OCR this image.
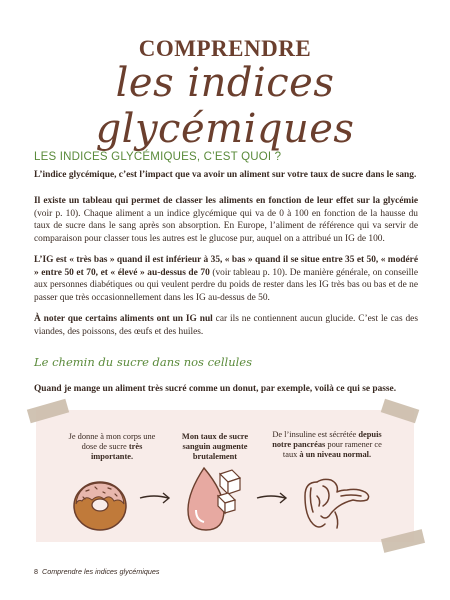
COMPRENDRE
les indices glycémiques
LES INDICES GLYCÉMIQUES, C’EST QUOI ?

L’indice glycémique, c’est l’impact que va avoir un aliment sur votre taux de sucre dans le sang.

Il existe un tableau qui permet de classer les aliments en fonction de leur effet sur la glycémie (voir p. 10). Chaque aliment a un indice glycémique qui va de 0 à 100 en fonction de la hausse du taux de sucre dans le sang après son absorption. En Europe, l’aliment de référence qui va servir de comparaison pour classer tous les autres est le glucose pur, auquel on a attribué un IG de 100.

L’IG est « très bas » quand il est inférieur à 35, « bas » quand il se situe entre 35 et 50, « modéré » entre 50 et 70, et « élevé » au-dessus de 70 (voir tableau p. 10). De manière générale, on conseille aux personnes diabétiques ou qui veulent perdre du poids de rester dans les IG très bas ou bas et de ne passer que très occasionnellement dans les IG au-dessus de 50.

À noter que certains aliments ont un IG nul car ils ne contiennent aucun glucide. C’est le cas des viandes, des poissons, des œufs et des huiles.

Le chemin du sucre dans nos cellules
Quand je mange un aliment très sucré comme un donut, par exemple, voilà ce qui se passe.
Je donne à mon corps une dose de sucre très importante.
Mon taux de sucre sanguin augmente brutalement
De l’insuline est sécrétée depuis notre pancréas pour ramener ce taux à un niveau normal.
8 Comprendre les indices glycémiques
